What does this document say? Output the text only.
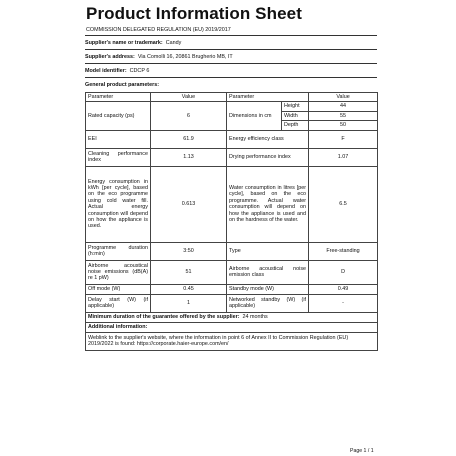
Product Information Sheet
COMMISSION DELEGATED REGULATION (EU) 2019/2017
Supplier's name or trademark: Candy
Supplier's address: Via Comolli 16, 20861 Brugherio MB, IT
Model identifier: CDCP 6
General product parameters:
Parameter	Value	Parameter		Value
Rated capacity (ps)	6	Dimensions in cm	Height	44
			Width	55
			Depth	50
EEI	61.9	Energy efficiency class		F
Cleaning performance index	1.13	Drying performance index		1.07
Energy consumption in kWh [per cycle], based on the eco programme using cold water fill. Actual energy consumption will depend on how the appliance is used.	0.613	Water consumption in litres [per cycle], based on the eco programme. Actual water consumption will depend on how the appliance is used and on the hardness of the water.		6.5
Programme duration (h:min)	3:50	Type		Free-standing
Airborne acoustical noise emissions (dB(A) re 1 pW)	51	Airborne acoustical noise emission class		D
Off mode (W)	0.45	Standby mode (W)		0.49
Delay start (W) (if applicable)	1	Networked standby (W) (if applicable)		-
Minimum duration of the guarantee offered by the supplier: 24 months				
Additional information:				
Weblink to the supplier's website, where the information in point 6 of Annex II to Commission Regulation (EU) 2019/2022 is found: https://corporate.haier-europe.com/en/				
Page 1 / 1
